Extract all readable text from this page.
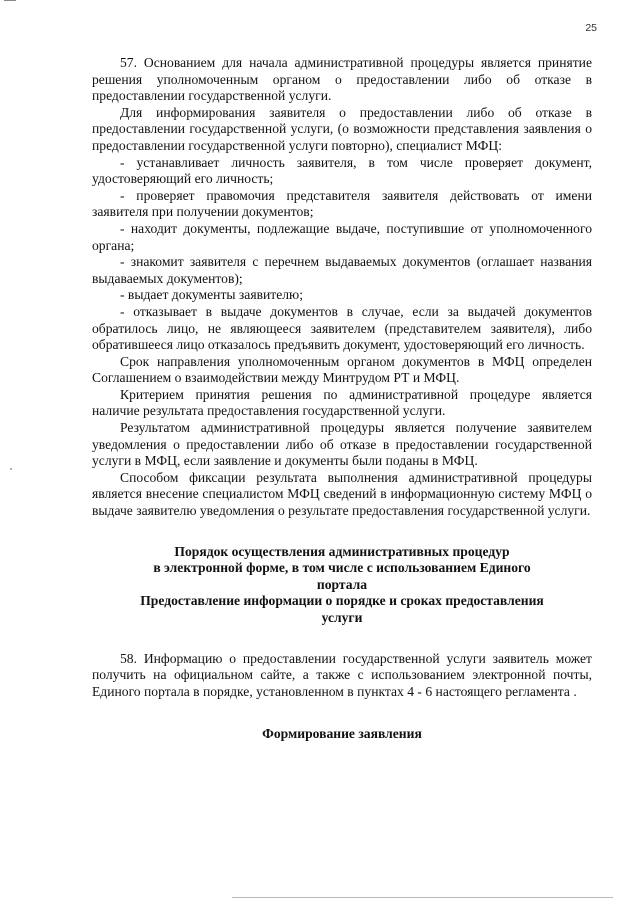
25

57. Основанием для начала административной процедуры является принятие решения уполномоченным органом о предоставлении либо об отказе в предоставлении государственной услуги.

Для информирования заявителя о предоставлении либо об отказе в предоставлении государственной услуги, (о возможности представления заявления о предоставлении государственной услуги повторно), специалист МФЦ:

- устанавливает личность заявителя, в том числе проверяет документ, удостоверяющий его личность;

- проверяет правомочия представителя заявителя действовать от имени заявителя при получении документов;

- находит документы, подлежащие выдаче, поступившие от уполномоченного органа;

- знакомит заявителя с перечнем выдаваемых документов (оглашает названия выдаваемых документов);

- выдает документы заявителю;

- отказывает в выдаче документов в случае, если за выдачей документов обратилось лицо, не являющееся заявителем (представителем заявителя), либо обратившееся лицо отказалось предъявить документ, удостоверяющий его личность.

Срок направления уполномоченным органом документов в МФЦ определен Соглашением о взаимодействии между Минтрудом РТ и МФЦ.

Критерием принятия решения по административной процедуре является наличие результата предоставления государственной услуги.

Результатом административной процедуры является получение заявителем уведомления о предоставлении либо об отказе в предоставлении государственной услуги в МФЦ, если заявление и документы были поданы в МФЦ.

Способом фиксации результата выполнения административной процедуры является внесение специалистом МФЦ сведений в информационную систему МФЦ о выдаче заявителю уведомления о результате предоставления государственной услуги.

Порядок осуществления административных процедур
в электронной форме, в том числе с использованием Единого
портала

Предоставление информации о порядке и сроках предоставления
услуги

58. Информацию о предоставлении государственной услуги заявитель может получить на официальном сайте, а также с использованием электронной почты, Единого портала в порядке, установленном в пунктах 4 - 6 настоящего регламента .

Формирование заявления
